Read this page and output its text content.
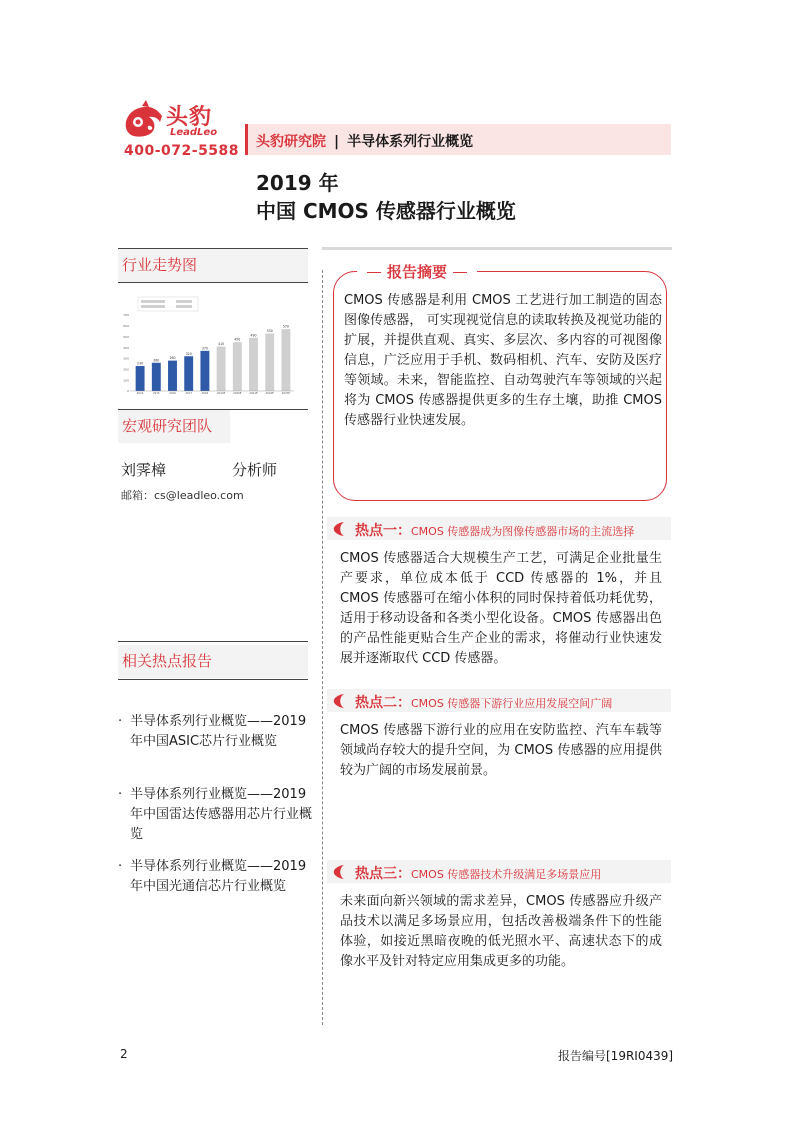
头豹
LeadLeo
400-072-5588
头豹研究院 | 半导体系列行业概览
2019 年
中国 CMOS 传感器行业概览
行业走势图
0
100
200
300
400
500
600
700
230
2014
260
2015
280
2016
320
2017
370
2018
410
2019E
450
2020E
490
2021E
530
2022E
570
2023E
宏观研究团队
刘霁樟	分析师
邮箱：cs@leadleo.com
相关热点报告
· 半导体系列行业概览——2019年中国ASIC芯片行业概览
· 半导体系列行业概览——2019 年中国雷达传感器用芯片行业概览
· 半导体系列行业概览——2019 年中国光通信芯片行业概览
报告摘要
CMOS 传感器是利用 CMOS 工艺进行加工制造的固态图像传感器， 可实现视觉信息的读取转换及视觉功能的扩展，并提供直观、真实、多层次、多内容的可视图像信息，广泛应用于手机、数码相机、汽车、安防及医疗等领域。未来，智能监控、自动驾驶汽车等领域的兴起将为 CMOS 传感器提供更多的生存土壤，助推 CMOS 传感器行业快速发展。
热点一：CMOS 传感器成为图像传感器市场的主流选择
CMOS 传感器适合大规模生产工艺，可满足企业批量生产要求，单位成本低于 CCD 传感器的 1%，并且 CMOS 传感器可在缩小体积的同时保持着低功耗优势，适用于移动设备和各类小型化设备。CMOS 传感器出色的产品性能更贴合生产企业的需求，将催动行业快速发展并逐渐取代 CCD 传感器。
热点二：CMOS 传感器下游行业应用发展空间广阔
CMOS 传感器下游行业的应用在安防监控、汽车车载等领域尚存较大的提升空间，为 CMOS 传感器的应用提供较为广阔的市场发展前景。
热点三：CMOS 传感器技术升级满足多场景应用
未来面向新兴领域的需求差异，CMOS 传感器应升级产品技术以满足多场景应用，包括改善极端条件下的性能体验，如接近黑暗夜晚的低光照水平、高速状态下的成像水平及针对特定应用集成更多的功能。
2	报告编号[19RI0439]
